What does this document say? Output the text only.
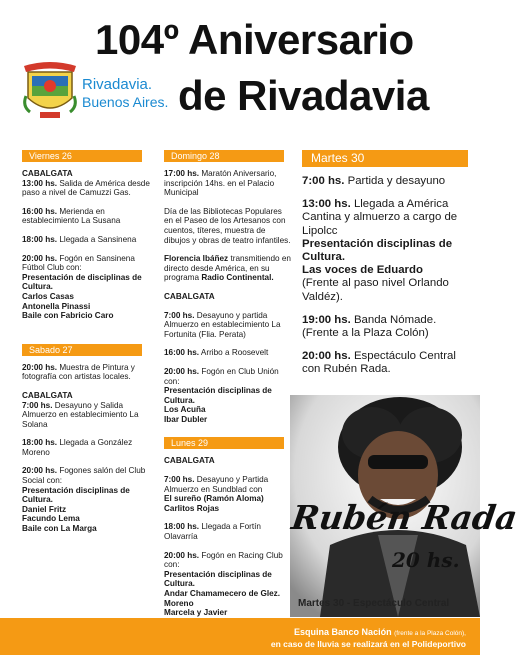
104º Aniversario
de Rivadavia
Rivadavia.
Buenos Aires.
Viernes 26

CABALGATA

13:00 hs. Salida de América desde paso a nivel de Camuzzi Gas.

16:00 hs. Merienda en establecimiento La Susana
18:00 hs. Llegada a Sansinena

20:00 hs. Fogón en Sansinena Fútbol Club con:

Presentación de disciplinas de Cultura.

Carlos Casas

Antonella Pinassi

Baile con Fabricio Caro

Sabado 27
20:00 hs. Muestra de Pintura y fotografía con artistas locales.

CABALGATA

7:00 hs. Desayuno y Salida Almuerzo en establecimiento La Solana

18:00 hs. Llegada a González Moreno

20:00 hs. Fogones salón del Club Social con:

Presentación disciplinas de Cultura.

Daniel Fritz

Facundo Lema

Baile con La Marga

Domingo 28
17:00 hs. Maratón Aniversario, inscripción 14hs. en el Palacio Municipal
Día de las Bibliotecas Populares en el Paseo de los Artesanos con cuentos, títeres, muestra de dibujos y obras de teatro infantiles.
Florencia Ibáñez transmitiendo en directo desde América, en su programa Radio Continental.

CABALGATA

7:00 hs. Desayuno y partida Almuerzo en establecimiento La Fortunita (Flia. Perata)
16:00 hs. Arribo a Roosevelt

20:00 hs. Fogón en Club Unión con:

Presentación disciplinas de Cultura.

Los Acuña

Ibar Dubler

Lunes 29

CABALGATA

7:00 hs. Desayuno y Partida Almuerzo en Sundblad con

El sureño (Ramón Aloma)

Carlitos Rojas

18:00 hs. Llegada a Fortín Olavarría

20:00 hs. Fogón en Racing Club con:

Presentación disciplinas de Cultura.

Andar Chamamecero de Glez. Moreno

Marcela y Javier

Martes 30
7:00 hs. Partida y desayuno

13:00 hs. Llegada a América Cantina y almuerzo a cargo de Lipolcc

Presentación disciplinas de Cultura.

Las voces de Eduardo

(Frente al paso nivel Orlando Valdéz).

19:00 hs. Banda Nómade. (Frente a la Plaza Colón)
20:00 hs. Espectáculo Central con Rubén Rada.
Rubén Rada
20 hs.
Martes 30 - Espectáculo Central
Esquina Banco Nación (frente a la Plaza Colón),
en caso de lluvia se realizará en el Polideportivo
